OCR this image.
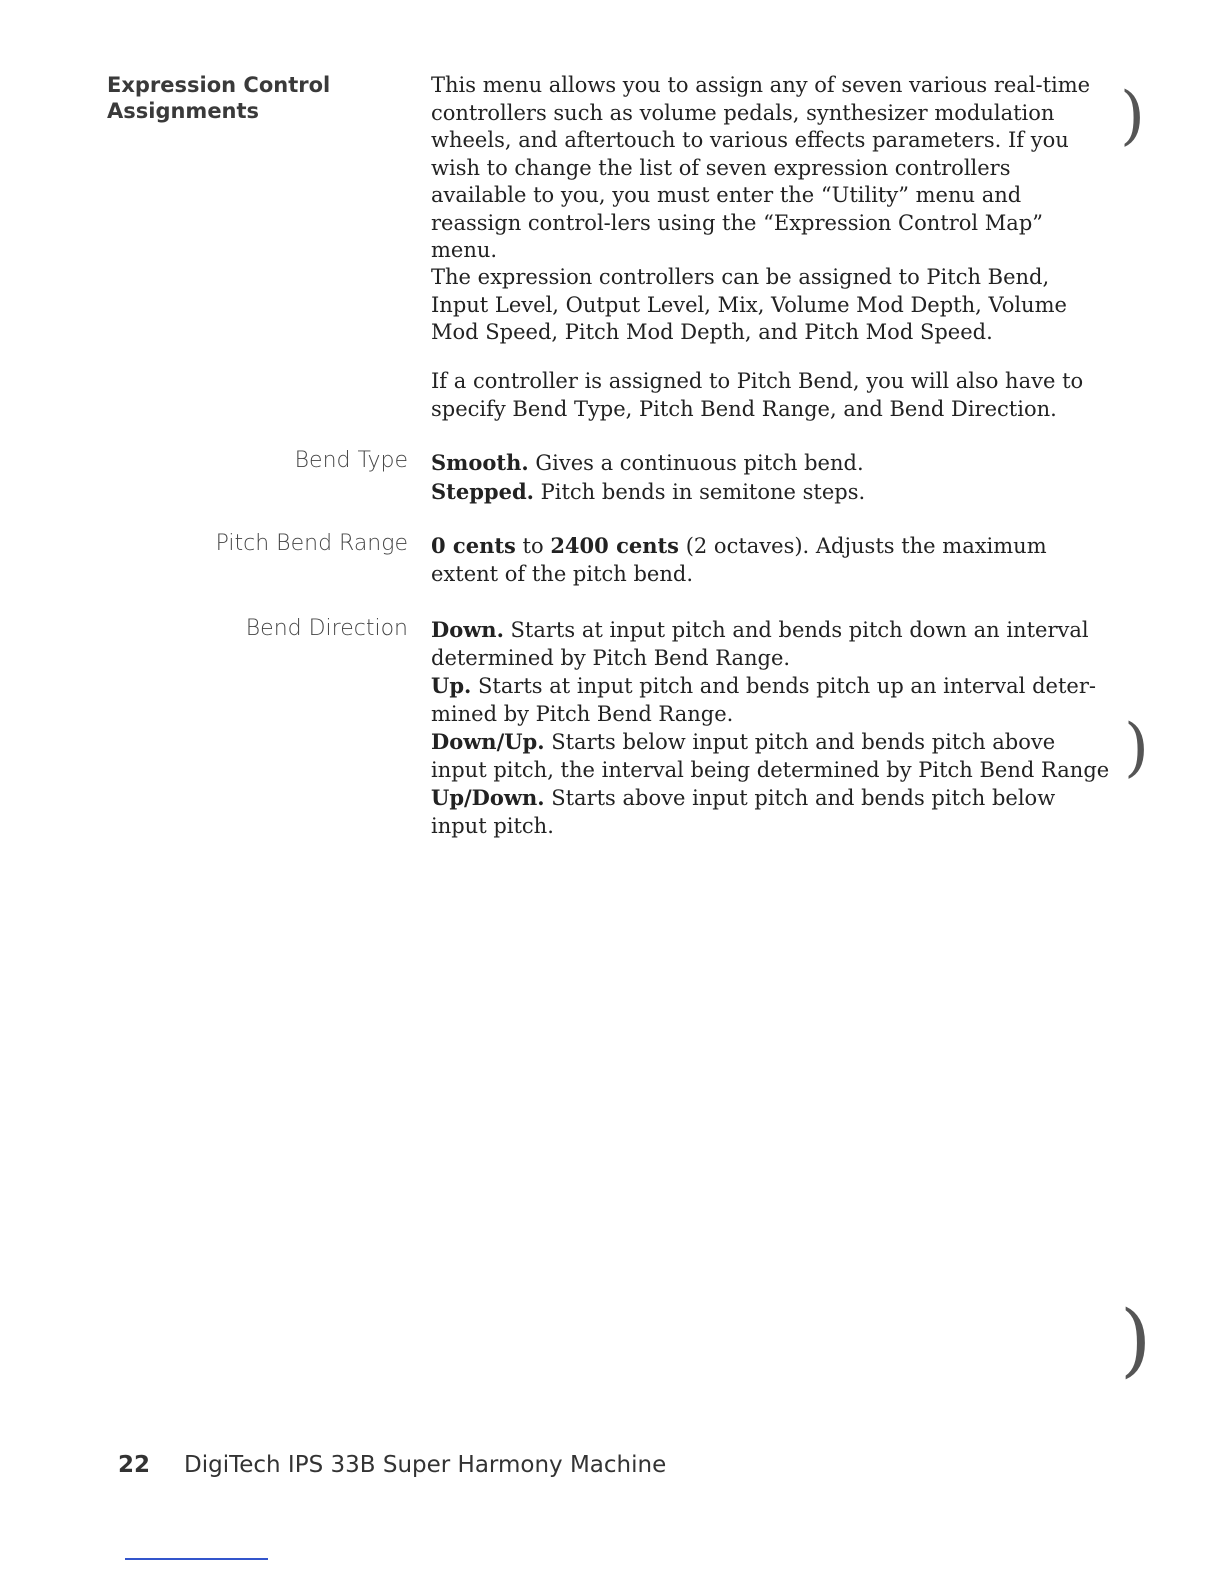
Expression Control
Assignments
This menu allows you to assign any of seven various real-time controllers such as volume pedals, synthesizer modulation wheels, and aftertouch to various effects parameters. If you wish to change the list of seven expression controllers available to you, you must enter the “Utility” menu and reassign control-lers using the “Expression Control Map” menu.
The expression controllers can be assigned to Pitch Bend, Input Level, Output Level, Mix, Volume Mod Depth, Volume Mod Speed, Pitch Mod Depth, and Pitch Mod Speed.
If a controller is assigned to Pitch Bend, you will also have to specify Bend Type, Pitch Bend Range, and Bend Direction.
Bend Type Smooth. Gives a continuous pitch bend.
Stepped. Pitch bends in semitone steps.
Pitch Bend Range 0 cents to 2400 cents (2 octaves). Adjusts the maximum extent of the pitch bend.
Bend Direction Down. Starts at input pitch and bends pitch down an interval determined by Pitch Bend Range.
Up. Starts at input pitch and bends pitch up an interval deter-mined by Pitch Bend Range.
Down/Up. Starts below input pitch and bends pitch above input pitch, the interval being determined by Pitch Bend Range
Up/Down. Starts above input pitch and bends pitch below input pitch.
)
)
)
22 DigiTech IPS 33B Super Harmony Machine
